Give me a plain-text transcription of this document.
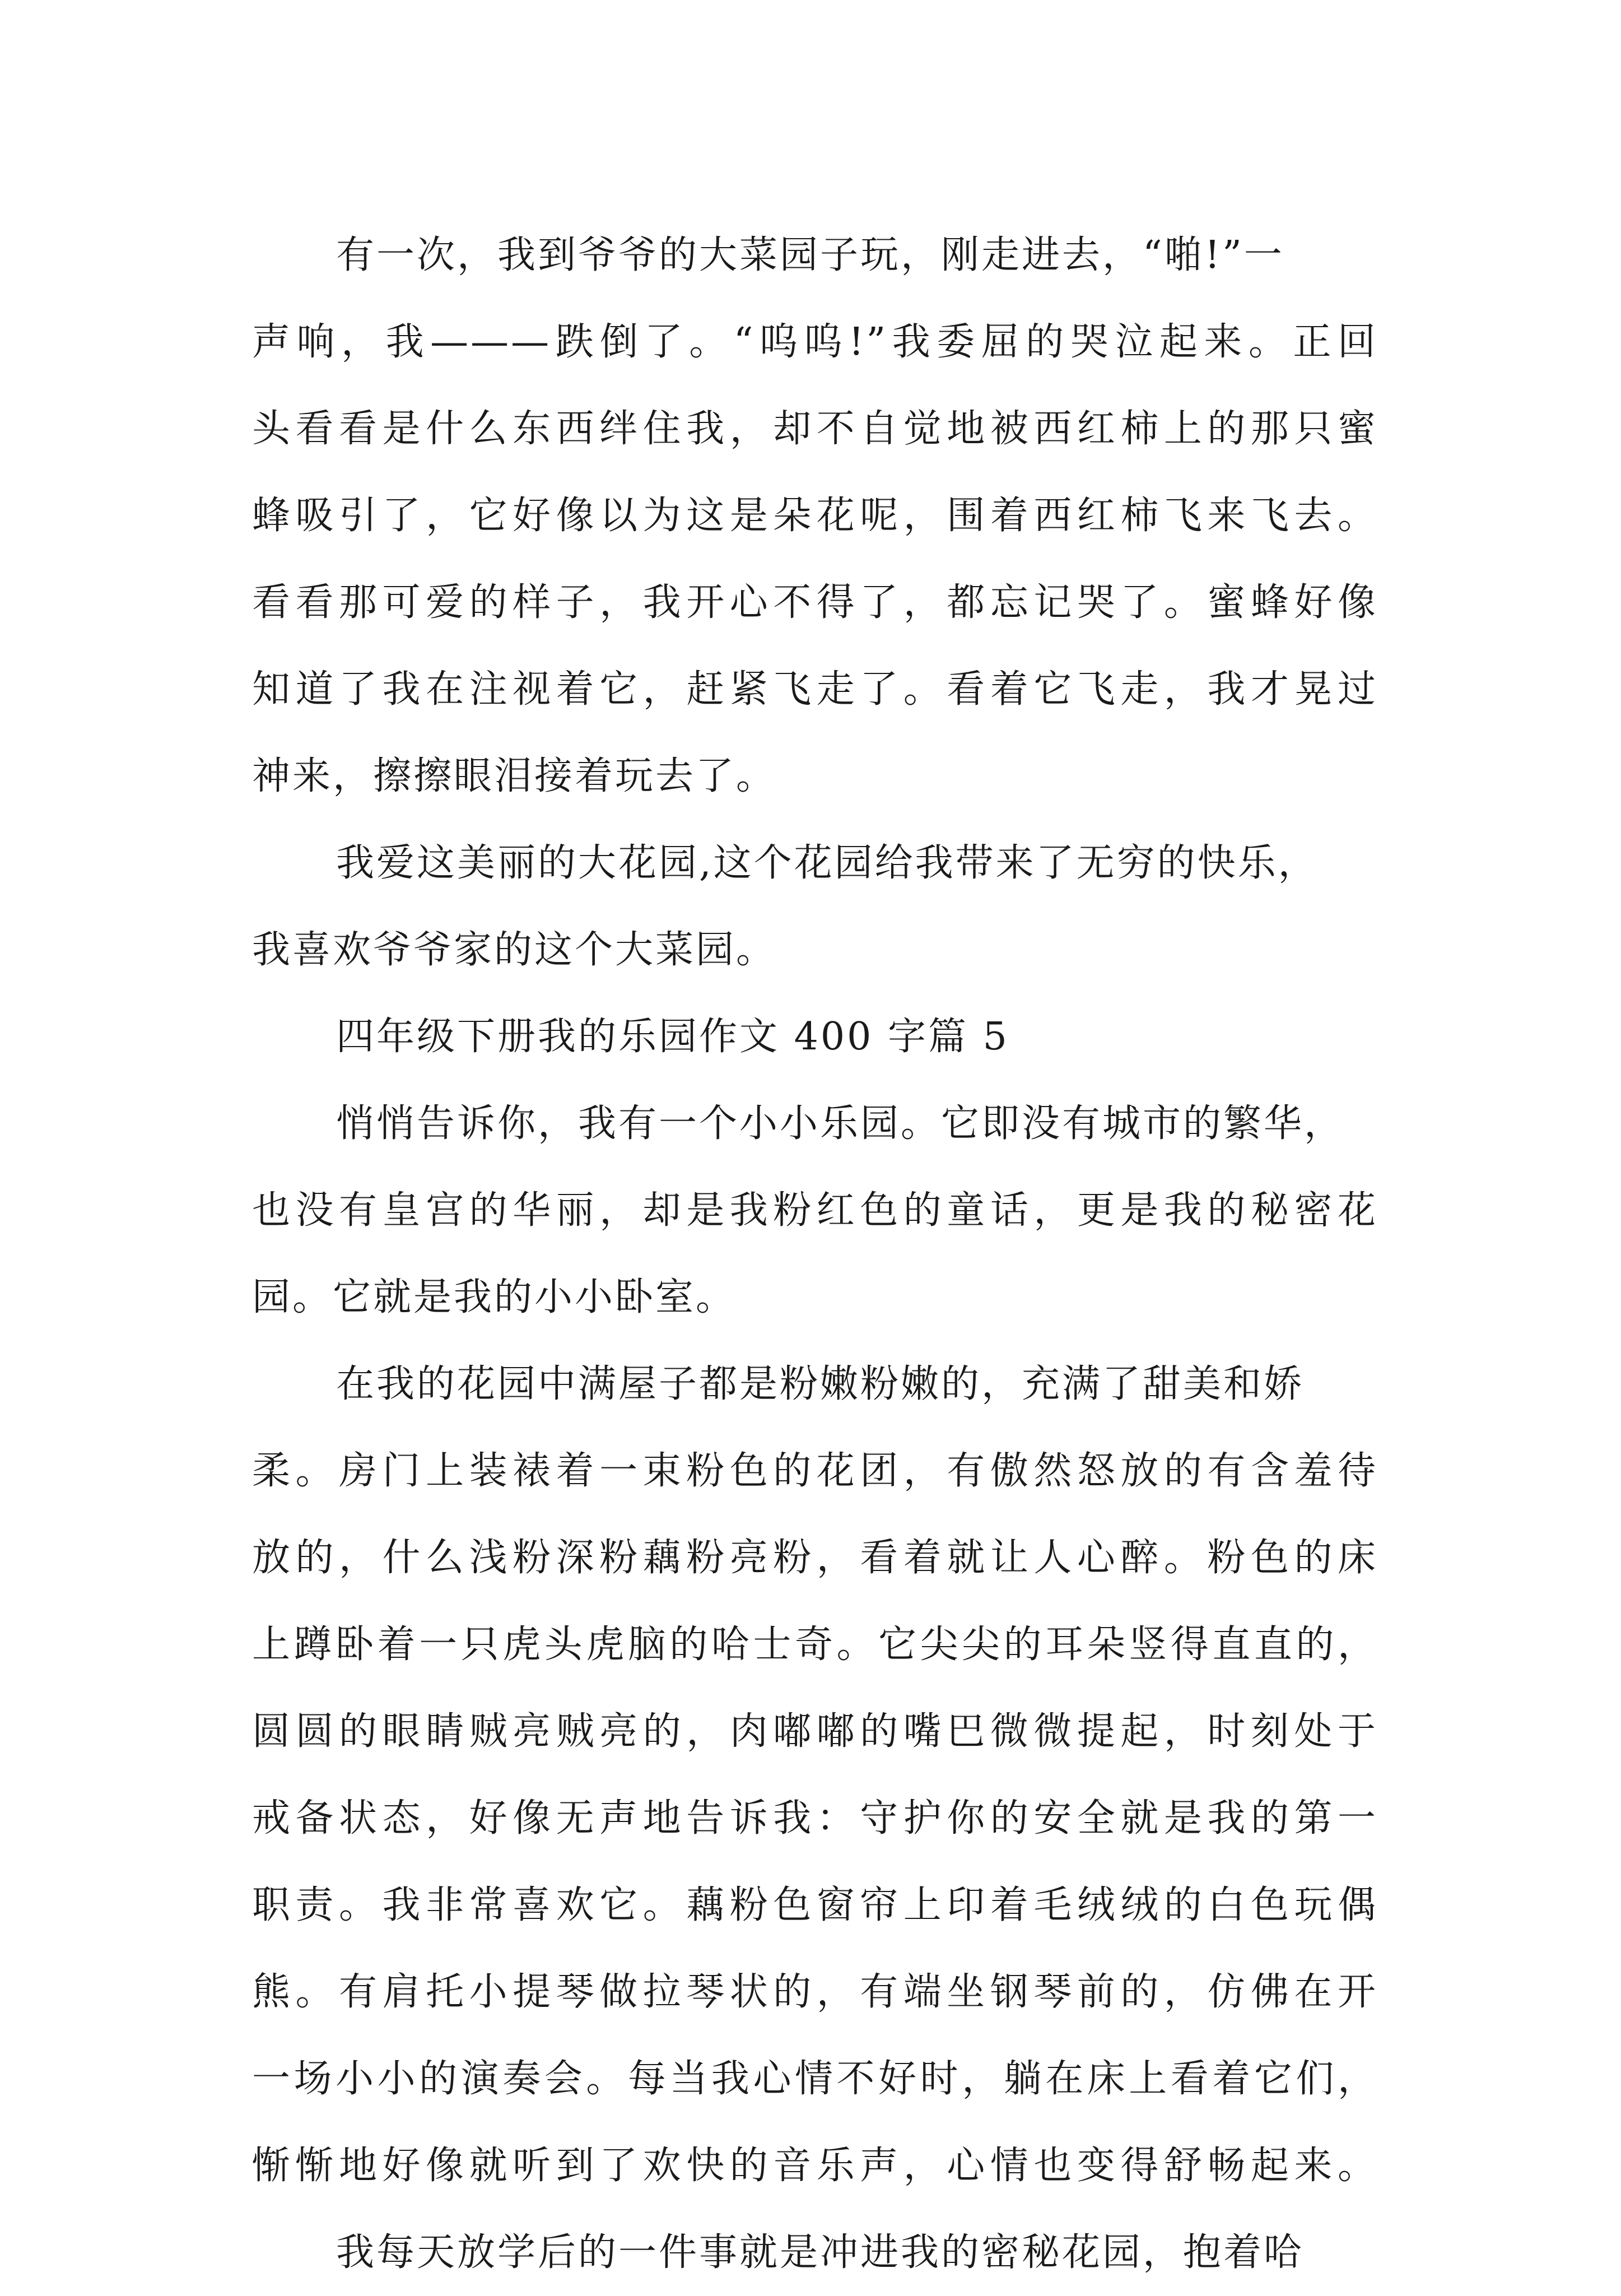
有一次，我到爷爷的大菜园子玩，刚走进去，“啪!”一
声响，我———跌倒了。“呜呜!”我委屈的哭泣起来。正回
头看看是什么东西绊住我，却不自觉地被西红柿上的那只蜜
蜂吸引了，它好像以为这是朵花呢，围着西红柿飞来飞去。
看看那可爱的样子，我开心不得了，都忘记哭了。蜜蜂好像
知道了我在注视着它，赶紧飞走了。看着它飞走，我才晃过
神来，擦擦眼泪接着玩去了。
我爱这美丽的大花园,这个花园给我带来了无穷的快乐，
我喜欢爷爷家的这个大菜园。
四年级下册我的乐园作文 400 字篇 5
悄悄告诉你，我有一个小小乐园。它即没有城市的繁华，
也没有皇宫的华丽，却是我粉红色的童话，更是我的秘密花
园。它就是我的小小卧室。
在我的花园中满屋子都是粉嫩粉嫩的，充满了甜美和娇
柔。房门上装裱着一束粉色的花团，有傲然怒放的有含羞待
放的，什么浅粉深粉藕粉亮粉，看着就让人心醉。粉色的床
上蹲卧着一只虎头虎脑的哈士奇。它尖尖的耳朵竖得直直的，
圆圆的眼睛贼亮贼亮的，肉嘟嘟的嘴巴微微提起，时刻处于
戒备状态，好像无声地告诉我：守护你的安全就是我的第一
职责。我非常喜欢它。藕粉色窗帘上印着毛绒绒的白色玩偶
熊。有肩托小提琴做拉琴状的，有端坐钢琴前的，仿佛在开
一场小小的演奏会。每当我心情不好时，躺在床上看着它们，
惭惭地好像就听到了欢快的音乐声，心情也变得舒畅起来。
我每天放学后的一件事就是冲进我的密秘花园，抱着哈
